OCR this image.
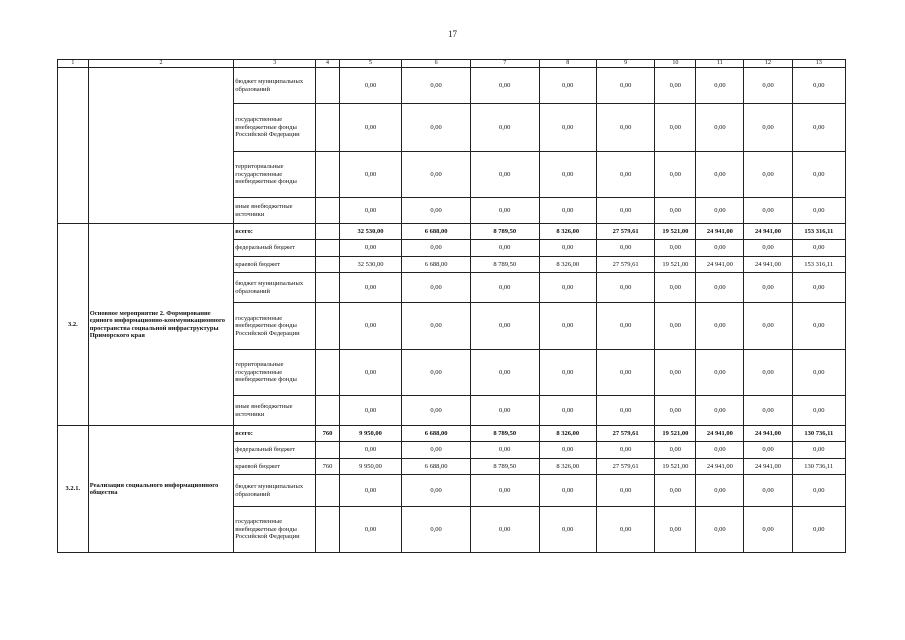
17
1	2	3	4	5	6	7	8	9	10	11	12	13
		бюджет муниципальных образований		0,00	0,00	0,00	0,00	0,00	0,00	0,00	0,00	0,00
		государственные внебюджетные фонды Российской Федерации		0,00	0,00	0,00	0,00	0,00	0,00	0,00	0,00	0,00
		территориальные государственные внебюджетные фонды		0,00	0,00	0,00	0,00	0,00	0,00	0,00	0,00	0,00
		иные внебюджетные источники		0,00	0,00	0,00	0,00	0,00	0,00	0,00	0,00	0,00
3.2.	Основное мероприятие 2. Формирование единого информационно-коммуникационного пространства социальной инфраструктуры Приморского края	всего:		32 530,00	6 688,00	8 789,50	8 326,00	27 579,61	19 521,00	24 941,00	24 941,00	153 316,11
		федеральный бюджет		0,00	0,00	0,00	0,00	0,00	0,00	0,00	0,00	0,00
		краевой бюджет		32 530,00	6 688,00	8 789,50	8 326,00	27 579,61	19 521,00	24 941,00	24 941,00	153 316,11
		бюджет муниципальных образований		0,00	0,00	0,00	0,00	0,00	0,00	0,00	0,00	0,00
		государственные внебюджетные фонды Российской Федерации		0,00	0,00	0,00	0,00	0,00	0,00	0,00	0,00	0,00
		территориальные государственные внебюджетные фонды		0,00	0,00	0,00	0,00	0,00	0,00	0,00	0,00	0,00
		иные внебюджетные источники		0,00	0,00	0,00	0,00	0,00	0,00	0,00	0,00	0,00
3.2.1.	Реализация социального информационного общества	всего:	760	9 950,00	6 688,00	8 789,50	8 326,00	27 579,61	19 521,00	24 941,00	24 941,00	130 736,11
		федеральный бюджет		0,00	0,00	0,00	0,00	0,00	0,00	0,00	0,00	0,00
		краевой бюджет	760	9 950,00	6 688,00	8 789,50	8 326,00	27 579,61	19 521,00	24 941,00	24 941,00	130 736,11
		бюджет муниципальных образований		0,00	0,00	0,00	0,00	0,00	0,00	0,00	0,00	0,00
		государственные внебюджетные фонды Российской Федерации		0,00	0,00	0,00	0,00	0,00	0,00	0,00	0,00	0,00
